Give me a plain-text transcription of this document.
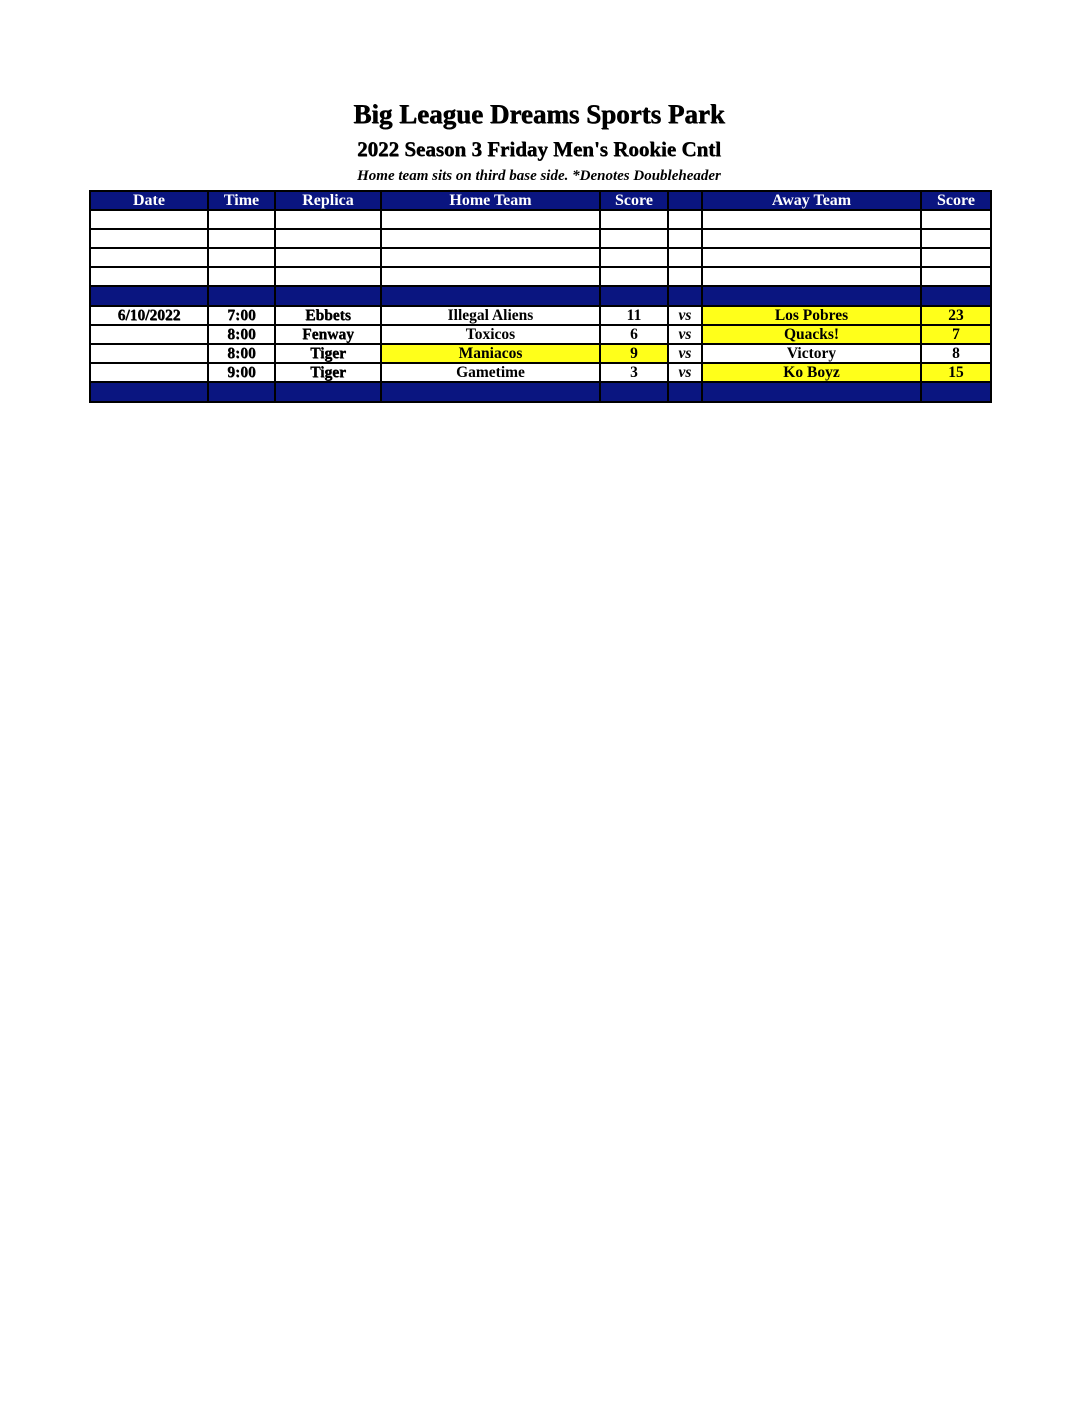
Big League Dreams Sports Park
2022 Season 3 Friday Men's Rookie Cntl
Home team sits on third base side. *Denotes Doubleheader
Date	Time	Replica	Home Team	Score		Away Team	Score

6/10/2022	7:00	Ebbets	Illegal Aliens	11	vs	Los Pobres	23
	8:00	Fenway	Toxicos	6	vs	Quacks!	7
	8:00	Tiger	Maniacos	9	vs	Victory	8
	9:00	Tiger	Gametime	3	vs	Ko Boyz	15
